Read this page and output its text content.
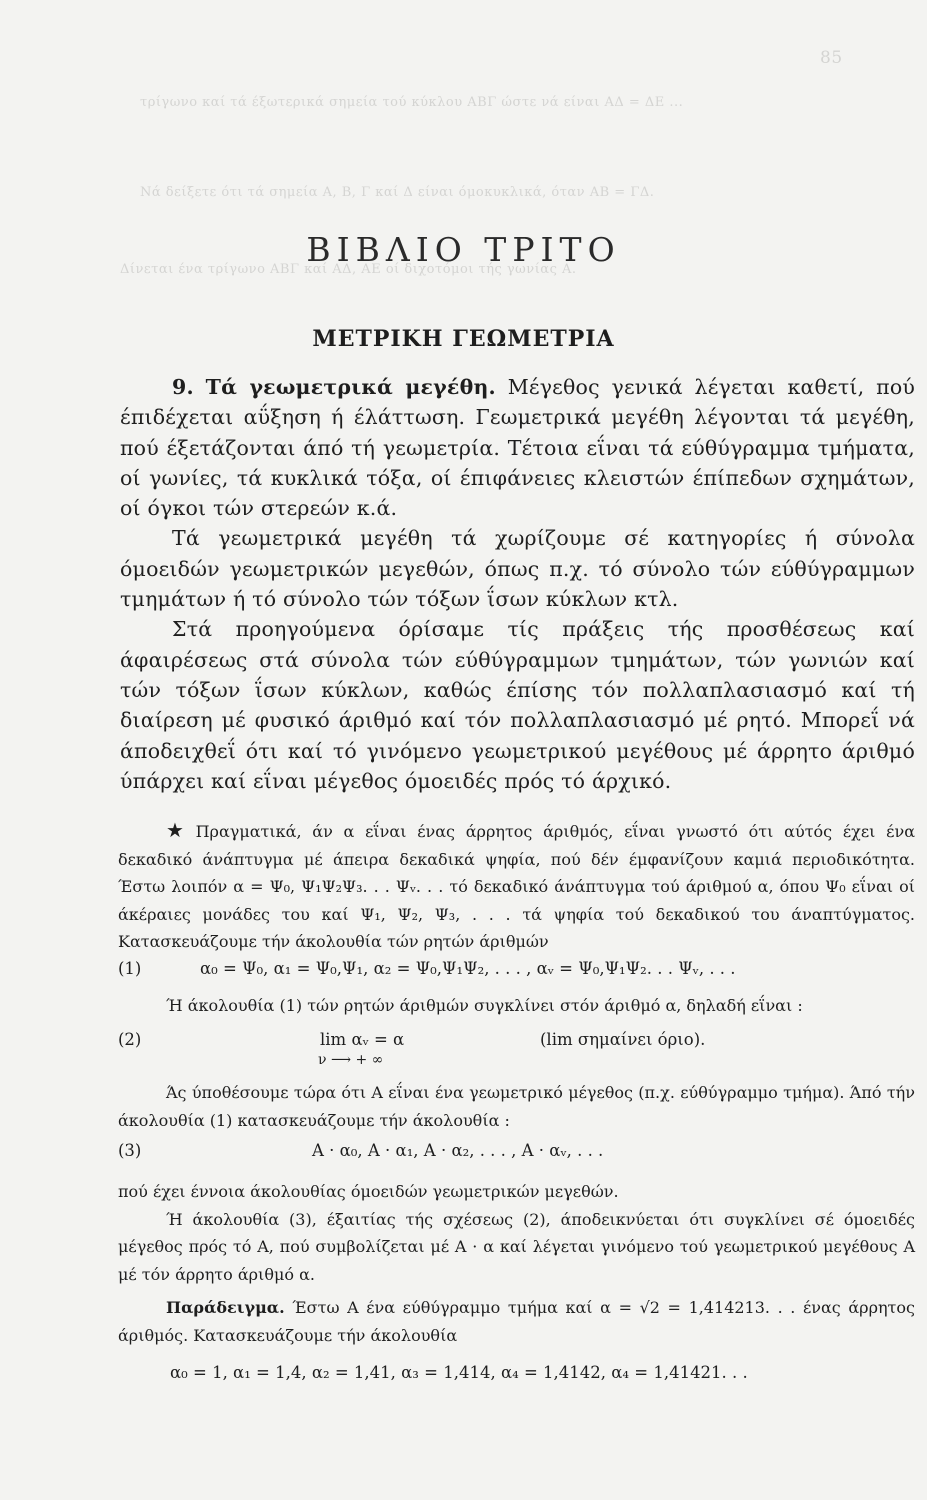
85
τρίγωνο καί τά έξωτερικά σημεία τού κύκλου ΑΒΓ ώστε νά είναι ΑΔ = ΔΕ ...
Νά δείξετε ότι τά σημεία Α, Β, Γ καί Δ είναι όμοκυκλικά, όταν ΑΒ = ΓΔ.
Δίνεται ένα τρίγωνο ΑΒΓ καί ΑΔ, ΑΕ οί διχοτόμοι τής γωνίας Α.
ΒΙΒΛΙΟ ΤΡΙΤΟ
ΜΕΤΡΙΚΗ ΓΕΩΜΕΤΡΙΑ

9. Τά γεωμετρικά μεγέθη. Μέγεθος γενικά λέγεται καθετί, πού έπιδέχεται αΰξηση ή έλάττωση. Γεωμετρικά μεγέθη λέγονται τά μεγέθη, πού έξετάζονται άπό τή γεωμετρία. Τέτοια εΐναι τά εύθύγραμμα τμήματα, οί γωνίες, τά κυκλικά τόξα, οί έπιφάνειες κλειστών έπίπεδων σχημάτων, οί όγκοι τών στερεών κ.ά.

Τά γεωμετρικά μεγέθη τά χωρίζουμε σέ κατηγορίες ή σύνολα όμοειδών γεωμετρικών μεγεθών, όπως π.χ. τό σύνολο τών εύθύγραμμων τμημάτων ή τό σύνολο τών τόξων ΐσων κύκλων κτλ.

Στά προηγούμενα όρίσαμε τίς πράξεις τής προσθέσεως καί άφαιρέσεως στά σύνολα τών εύθύγραμμων τμημάτων, τών γωνιών καί τών τόξων ΐσων κύκλων, καθώς έπίσης τόν πολλαπλασιασμό καί τή διαίρεση μέ φυσικό άριθμό καί τόν πολλαπλασιασμό μέ ρητό. Μπορεΐ νά άποδειχθεΐ ότι καί τό γινόμενο γεωμετρικού μεγέθους μέ άρρητο άριθμό ύπάρχει καί εΐναι μέγεθος όμοειδές πρός τό άρχικό.

★ Πραγματικά, άν α εΐναι ένας άρρητος άριθμός, εΐναι γνωστό ότι αύτός έχει ένα δεκαδικό άνάπτυγμα μέ άπειρα δεκαδικά ψηφία, πού δέν έμφανίζουν καμιά περιοδικότητα. Έστω λοιπόν α = Ψ₀, Ψ₁Ψ₂Ψ₃. . . Ψᵥ. . . τό δεκαδικό άνάπτυγμα τού άριθμού α, όπου Ψ₀ εΐναι οί άκέραιες μονάδες του καί Ψ₁, Ψ₂, Ψ₃, . . . τά ψηφία τού δεκαδικού του άναπτύγματος. Κατασκευάζουμε τήν άκολουθία τών ρητών άριθμών

(1)	α₀ = Ψ₀, α₁ = Ψ₀,Ψ₁, α₂ = Ψ₀,Ψ₁Ψ₂, . . . , αᵥ = Ψ₀,Ψ₁Ψ₂. . . Ψᵥ, . . .

Ή άκολουθία (1) τών ρητών άριθμών συγκλίνει στόν άριθμό α, δηλαδή εΐναι :

(2)	lim αᵥ = α
ν ⟶ + ∞
(lim σημαίνει όριο).

Άς ύποθέσουμε τώρα ότι Α εΐναι ένα γεωμετρικό μέγεθος (π.χ. εύθύγραμμο τμήμα). Άπό τήν άκολουθία (1) κατασκευάζουμε τήν άκολουθία :

(3)	Α · α₀, Α · α₁, Α · α₂, . . . , Α · αᵥ, . . .

πού έχει έννοια άκολουθίας όμοειδών γεωμετρικών μεγεθών.

Ή άκολουθία (3), έξαιτίας τής σχέσεως (2), άποδεικνύεται ότι συγκλίνει σέ όμοειδές μέγεθος πρός τό Α, πού συμβολίζεται μέ Α · α καί λέγεται γινόμενο τού γεωμετρικού μεγέθους Α μέ τόν άρρητο άριθμό α.

Παράδειγμα. Έστω Α ένα εύθύγραμμο τμήμα καί α = √2 = 1,414213. . . ένας άρρητος άριθμός. Κατασκευάζουμε τήν άκολουθία

α₀ = 1, α₁ = 1,4, α₂ = 1,41, α₃ = 1,414, α₄ = 1,4142, α₄ = 1,41421. . .
